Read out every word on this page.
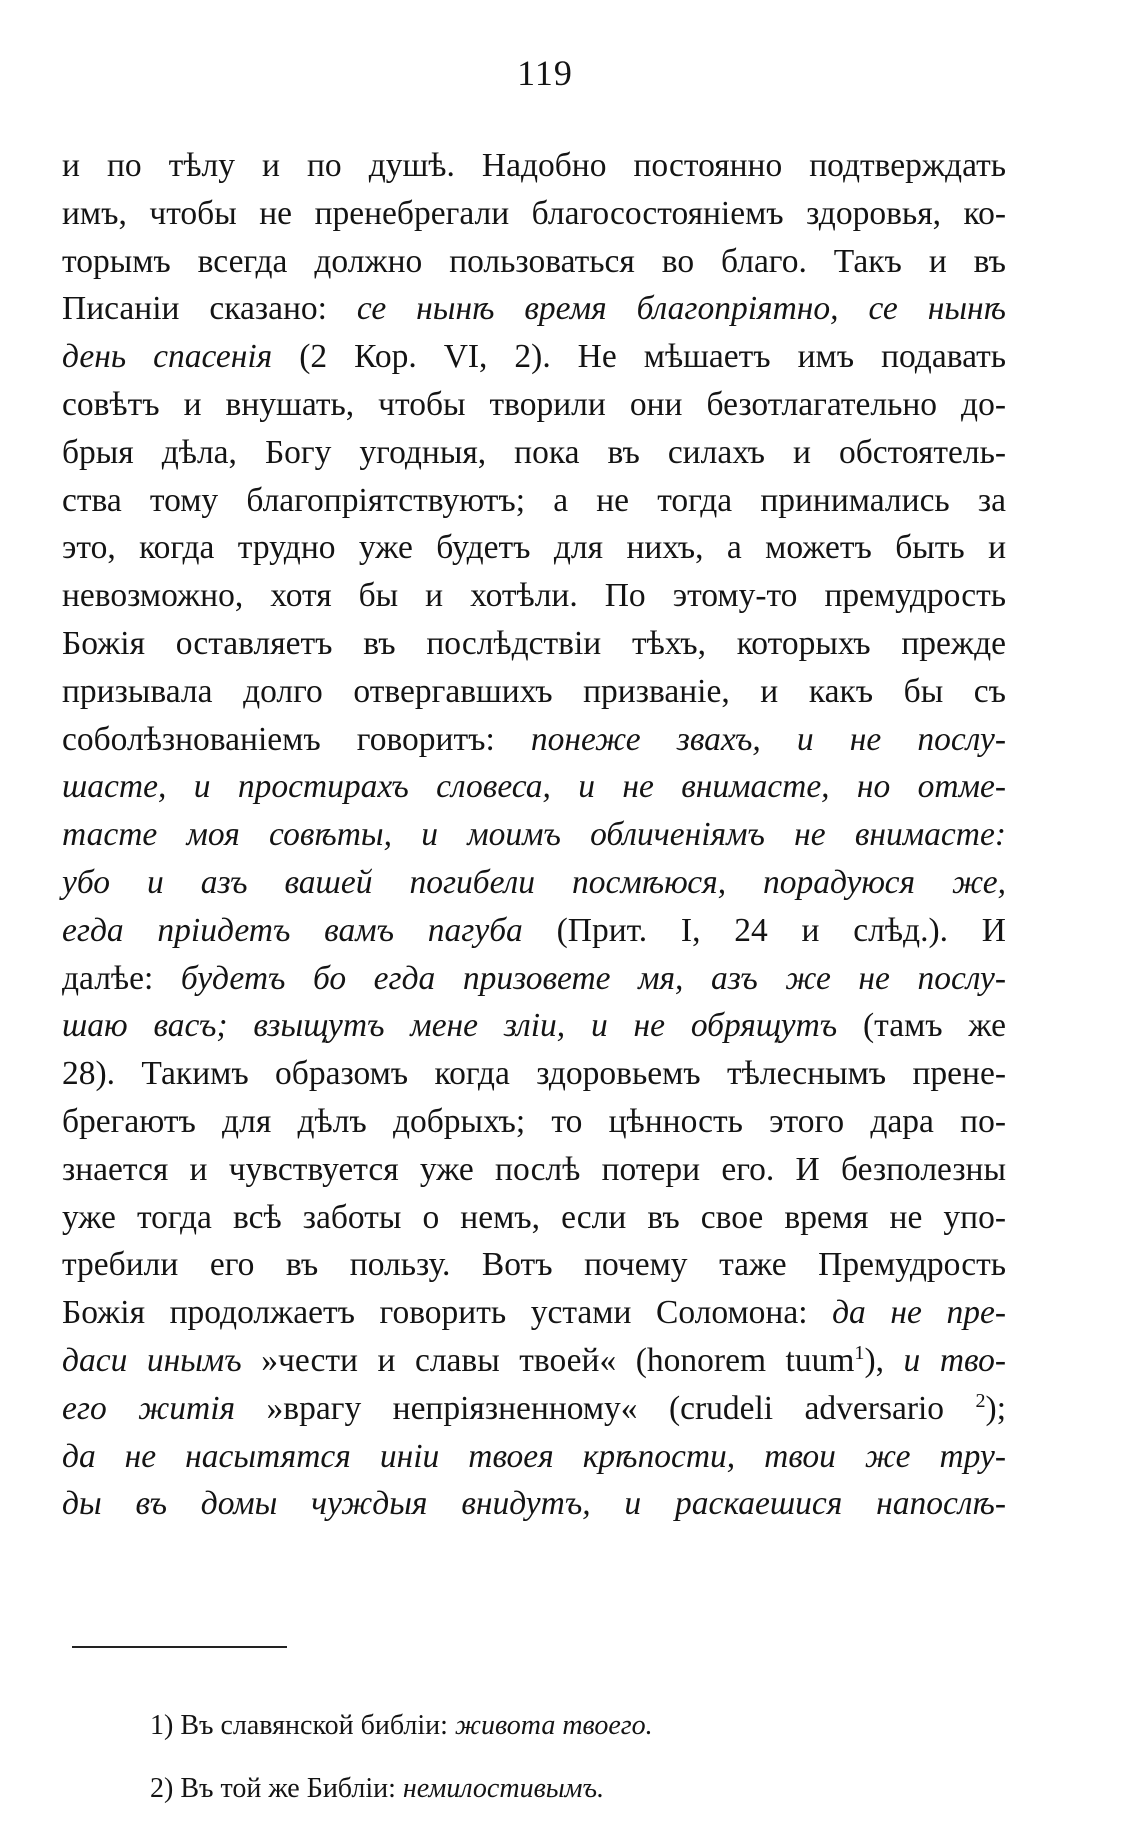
119
и по тѣлу и по душѣ. Надобно постоянно подтверждать
имъ, чтобы не пренебрегали благосостоянiемъ здоровья, ко-
торымъ всегда должно пользоваться во благо. Такъ и въ
Писанiи сказано: се нынѣ время благопрiятно, се нынѣ
день спасенiя (2 Кор. VI, 2). Не мѣшаетъ имъ подавать
совѣтъ и внушать, чтобы творили они безотлагательно до-
брыя дѣла, Богу угодныя, пока въ силахъ и обстоятель-
ства тому благопрiятствуютъ; а не тогда принимались за
это, когда трудно уже будетъ для нихъ, а можетъ быть и
невозможно, хотя бы и хотѣли. По этому-то премудрость
Божiя оставляетъ въ послѣдствiи тѣхъ, которыхъ прежде
призывала долго отвергавшихъ призванiе, и какъ бы съ
соболѣзнованiемъ говоритъ: понеже звахъ, и не послу-
шасте, и простирахъ словеса, и не внимасте, но отме-
тасте моя совѣты, и моимъ обличенiямъ не внимасте:
убо и азъ вашей погибели посмѣюся, порадуюся же,
егда прiидетъ вамъ пагуба (Прит. I, 24 и слѣд.). И
далѣе: будетъ бо егда призовете мя, азъ же не послу-
шаю васъ; взыщутъ мене злiи, и не обрящутъ (тамъ же
28). Такимъ образомъ когда здоровьемъ тѣлеснымъ прене-
брегаютъ для дѣлъ добрыхъ; то цѣнность этого дара по-
знается и чувствуется уже послѣ потери его. И безполезны
уже тогда всѣ заботы о немъ, если въ свое время не упо-
требили его въ пользу. Вотъ почему таже Премудрость
Божiя продолжаетъ говорить устами Соломона: да не пре-
даси инымъ »чести и славы твоей« (honorem tuum$^1$), и тво-
его житiя »врагу непрiязненному« (crudeli adversario $^2$);
да не насытятся инiи твоея крѣпости, твои же тру-
ды въ домы чуждыя внидутъ, и раскаешися напослѣ-
1) Въ славянской библiи: живота твоего.
2) Въ той же Библiи: немилостивымъ.
